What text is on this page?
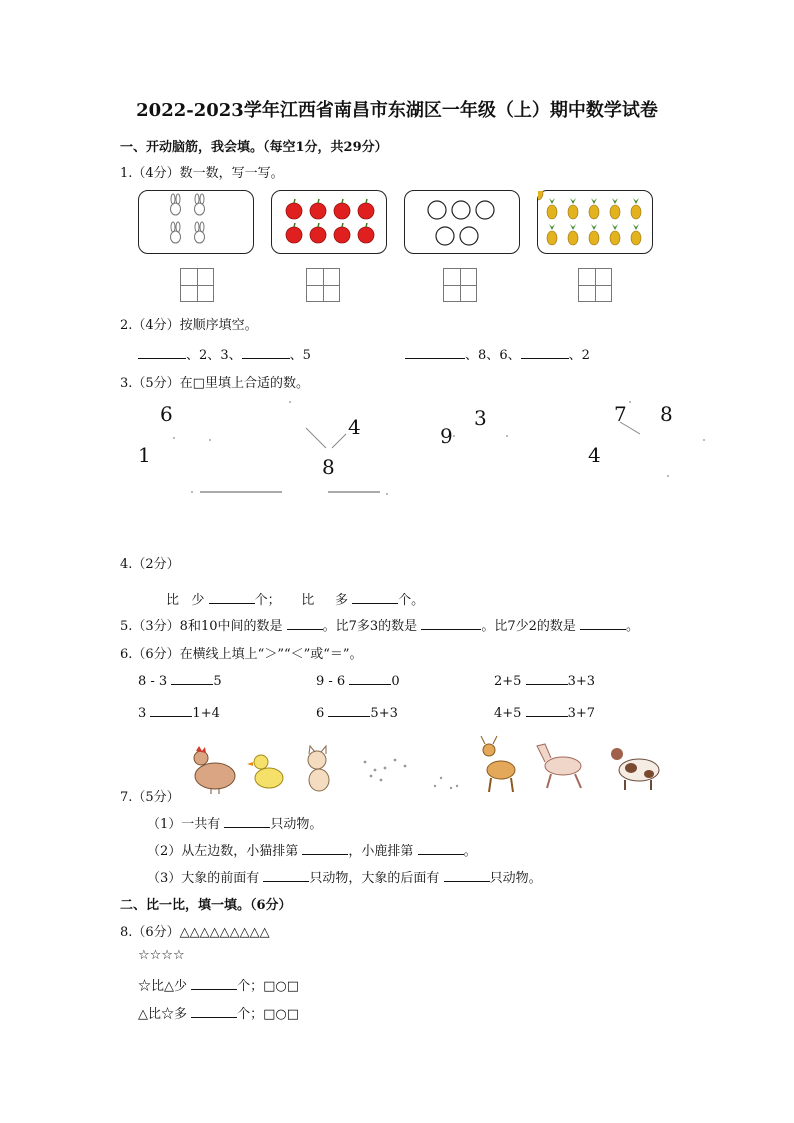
2022-2023学年江西省南昌市东湖区一年级（上）期中数学试卷
一、开动脑筋，我会填。（每空1分，共29分）
1.（4分）数一数，写一写。
2.（4分）按顺序填空。
、2、3、	、5	、8、6、	、2
3.（5分）在□里填上合适的数。
6
1
4
8
3
9
7 8
4
4.（2分）
比 少	个； 比 多	个。
5.（3分）8和10中间的数是	。比7多3的数是	。比7少2的数是	。
6.（6分）在横线上填上“＞”“＜”或“＝”。
8 - 3	5	9 - 6	0	2+5	3+3
3	1+4	6	5+3	4+5	3+7
7.（5分）
（1）一共有	只动物。
（2）从左边数，小猫排第	，小鹿排第	。
（3）大象的前面有	只动物，大象的后面有	只动物。
二、比一比，填一填。（6分）
8.（6分）△△△△△△△△△
☆☆☆☆
☆比△少	个；□○□
△比☆多	个；□○□
